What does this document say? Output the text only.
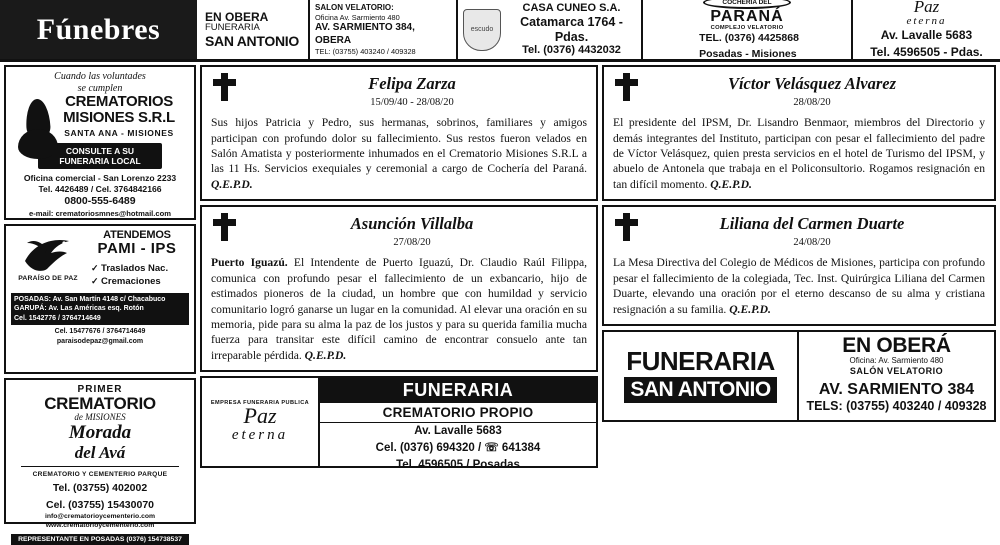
Fúnebres	EN OBERA
FUNERARIA
SAN ANTONIO
SALON VELATORIO:
Oficina Av. Sarmiento 480
AV. SARMIENTO 384, OBERA
TEL: (03755) 403240 / 409328
escudo
CASA CUNEO S.A.
Catamarca 1764 - Pdas.
Tel. (0376) 4432032
COCHERIA DEL
PARANÁ
COMPLEJO VELATORIO
TEL. (0376) 4425868
Posadas - Misiones
Paz
eterna
Av. Lavalle 5683
Tel. 4596505 - Pdas.
Cuando las voluntades
se cumplen
CREMATORIOS
MISIONES S.R.L
SANTA ANA - MISIONES
CONSULTE A SU
FUNERARIA LOCAL
Oficina comercial - San Lorenzo 2233
Tel. 4426489 / Cel. 3764842166
0800-555-6489
e-mail: crematoriosmnes@hotmail.com
PARAÍSO DE PAZ
ATENDEMOS
PAMI - IPS
✓ Traslados Nac.
✓ Cremaciones
POSADAS: Av. San Martín 4148 c/ Chacabuco
GARUPÁ: Av. Las Américas esq. Rotón
Cel. 1542776 / 3764714649
Cel. 15477676 / 3764714649
paraisodepaz@gmail.com
PRIMER
CREMATORIO
de MISIONES
Morada
del Avá
CREMATORIO Y CEMENTERIO PARQUE
Tel. (03755) 402002
Cel. (03755) 15430070
info@crematorioycementerio.com
www.crematorioycementerio.com
REPRESENTANTE EN POSADAS (0376) 154738537
Felipa Zarza
15/09/40 - 28/08/20
Sus hijos Patricia y Pedro, sus hermanas, sobrinos, familiares y amigos participan con profundo dolor su fallecimiento. Sus restos fueron velados en Salón Amatista y posteriormente inhumados en el Crematorio Misiones S.R.L a las 11 Hs. Servicios exequiales y ceremonial a cargo de Cochería del Paraná. Q.E.P.D.
Asunción Villalba
27/08/20
Puerto Iguazú. El Intendente de Puerto Iguazú, Dr. Claudio Raúl Filippa, comunica con profundo pesar el fallecimiento de un exbancario, hijo de estimados pioneros de la ciudad, un hombre que con humildad y servicio comunitario logró ganarse un lugar en la comunidad. Al elevar una oración en su memoria, pide para su alma la paz de los justos y para su querida familia mucha fuerza para transitar este difícil camino de encontrar consuelo ante tan irreparable pérdida. Q.E.P.D.
EMPRESA FUNERARIA PUBLICA
Paz
eterna
FUNERARIA
CREMATORIO PROPIO
Av. Lavalle 5683
Cel. (0376) 694320 / ☏ 641384
Tel. 4596505 / Posadas
Víctor Velásquez Alvarez
28/08/20
El presidente del IPSM, Dr. Lisandro Benmaor, miembros del Directorio y demás integrantes del Instituto, participan con pesar el fallecimiento del padre de Víctor Velásquez, quien presta servicios en el hotel de Turismo del IPSM, y abuelo de Antonela que trabaja en el Policonsultorio. Rogamos resignación en tan difícil momento. Q.E.P.D.
Liliana del Carmen Duarte
24/08/20
La Mesa Directiva del Colegio de Médicos de Misiones, participa con profundo pesar el fallecimiento de la colegiada, Tec. Inst. Quirúrgica Liliana del Carmen Duarte, elevando una oración por el eterno descanso de su alma y cristiana resignación a su familia. Q.E.P.D.
FUNERARIA
SAN ANTONIO
EN OBERÁ
Oficina: Av. Sarmiento 480
SALÓN VELATORIO
AV. SARMIENTO 384
TELS: (03755) 403240 / 409328
